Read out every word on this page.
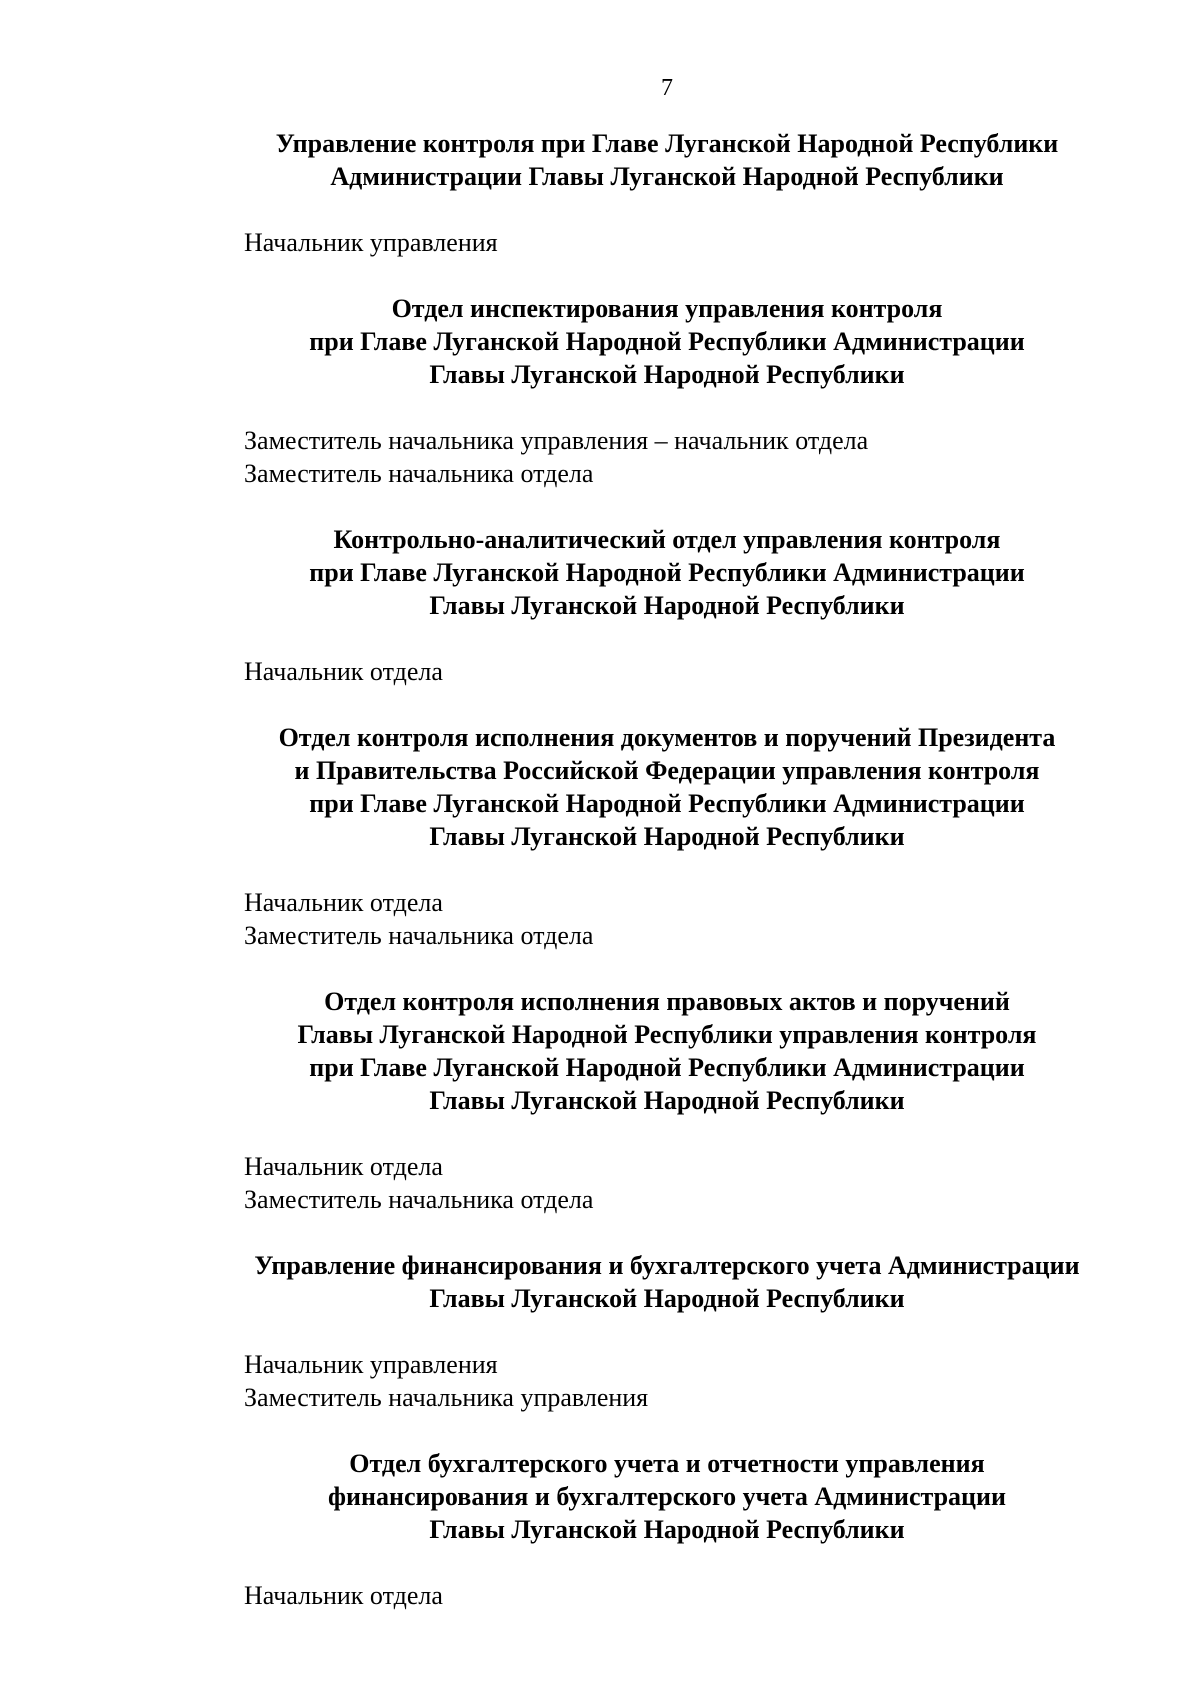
7
Управление контроля при Главе Луганской Народной Республики
Администрации Главы Луганской Народной Республики
Начальник управления
Отдел инспектирования управления контроля
при Главе Луганской Народной Республики Администрации
Главы Луганской Народной Республики
Заместитель начальника управления – начальник отдела
Заместитель начальника отдела
Контрольно-аналитический отдел управления контроля
при Главе Луганской Народной Республики Администрации
Главы Луганской Народной Республики
Начальник отдела
Отдел контроля исполнения документов и поручений Президента
и Правительства Российской Федерации управления контроля
при Главе Луганской Народной Республики Администрации
Главы Луганской Народной Республики
Начальник отдела
Заместитель начальника отдела
Отдел контроля исполнения правовых актов и поручений
Главы Луганской Народной Республики управления контроля
при Главе Луганской Народной Республики Администрации
Главы Луганской Народной Республики
Начальник отдела
Заместитель начальника отдела
Управление финансирования и бухгалтерского учета Администрации
Главы Луганской Народной Республики
Начальник управления
Заместитель начальника управления
Отдел бухгалтерского учета и отчетности управления
финансирования и бухгалтерского учета Администрации
Главы Луганской Народной Республики
Начальник отдела
